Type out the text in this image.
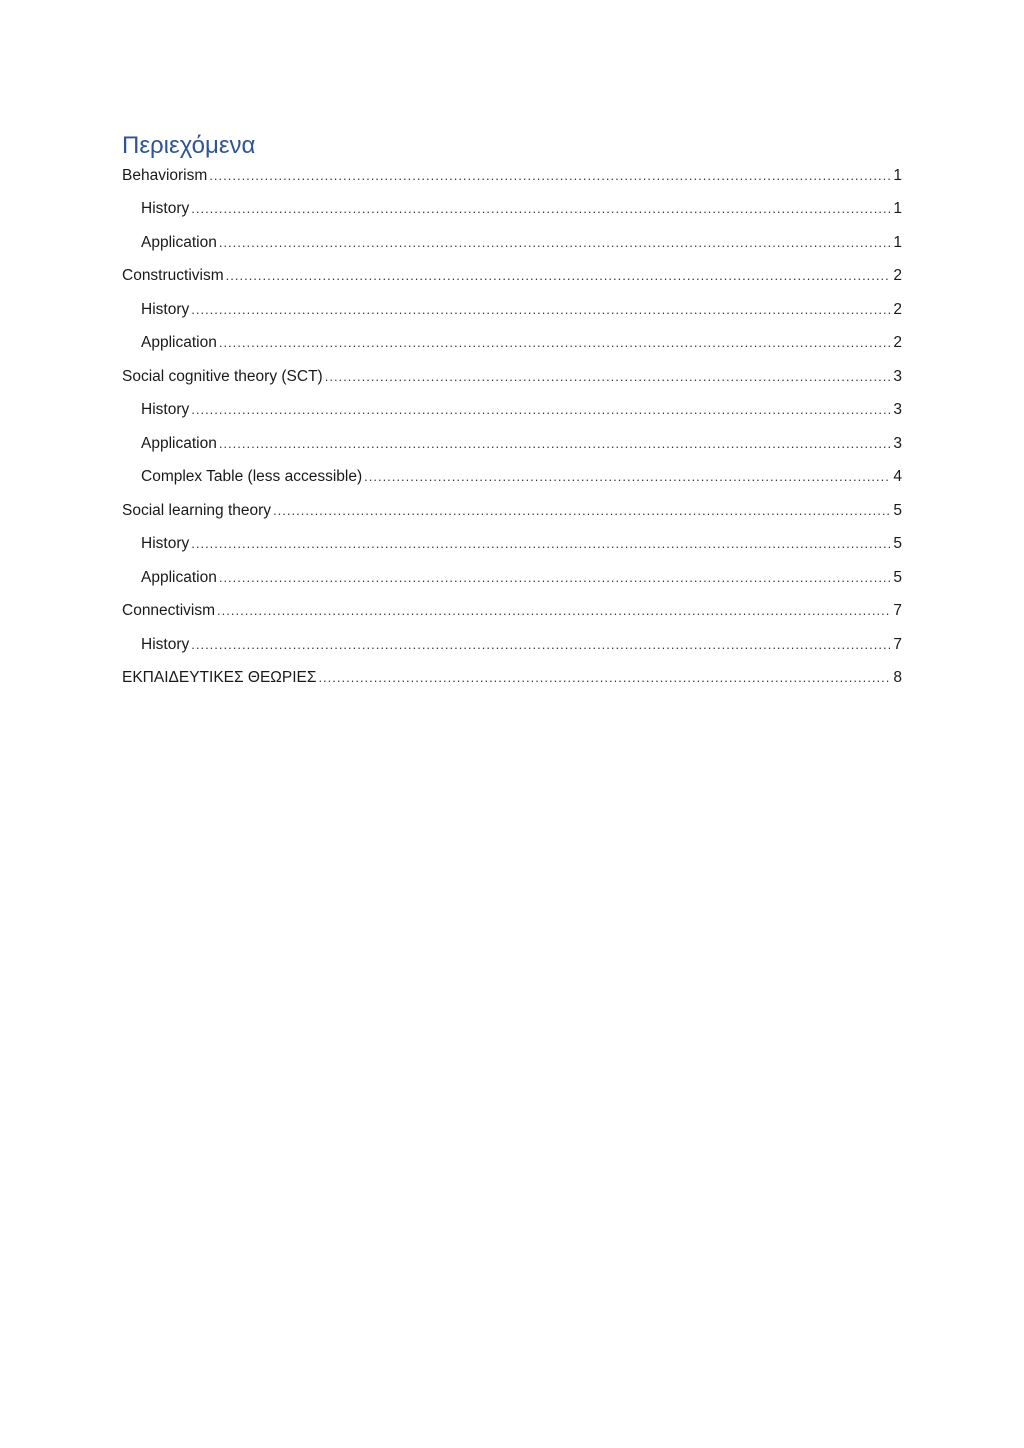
Περιεχόμενα
Behaviorism .....	1
History .....	1
Application .....	1
Constructivism .....	2
History .....	2
Application .....	2
Social cognitive theory (SCT) .....	3
History .....	3
Application .....	3
Complex Table (less accessible) .....	4
Social learning theory .....	5
History .....	5
Application .....	5
Connectivism .....	7
History .....	7
ΕΚΠΑΙΔΕΥΤΙΚΕΣ ΘΕΩΡΙΕΣ .....	8
